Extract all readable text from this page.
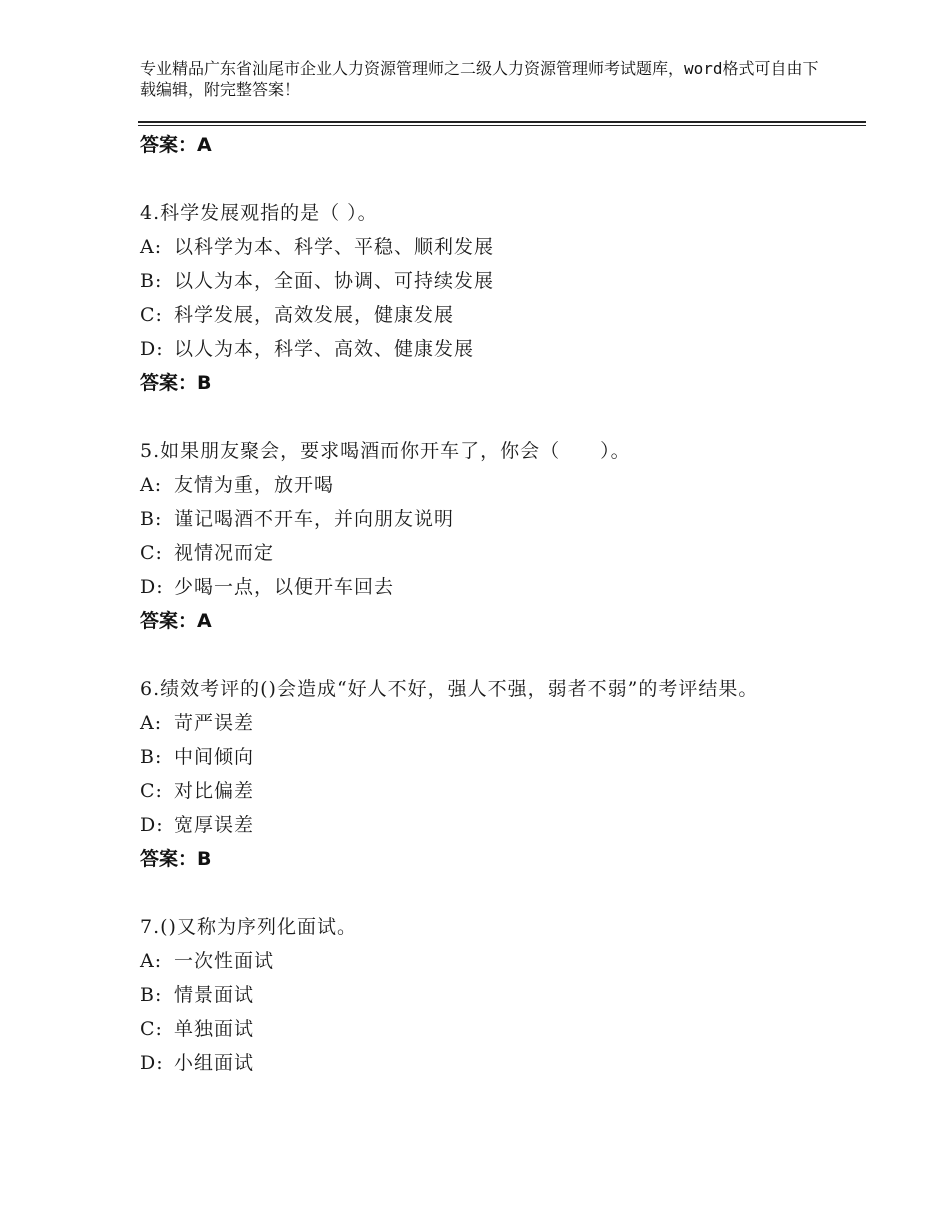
专业精品广东省汕尾市企业人力资源管理师之二级人力资源管理师考试题库，word格式可自由下载编辑，附完整答案！
答案：A
4.科学发展观指的是（ ）。
A: 以科学为本、科学、平稳、顺利发展
B: 以人为本，全面、协调、可持续发展
C: 科学发展，高效发展，健康发展
D: 以人为本，科学、高效、健康发展
答案：B
5.如果朋友聚会，要求喝酒而你开车了，你会（　　）。
A: 友情为重，放开喝
B: 谨记喝酒不开车，并向朋友说明
C: 视情况而定
D: 少喝一点，以便开车回去
答案：A
6.绩效考评的()会造成“好人不好，强人不强，弱者不弱”的考评结果。
A: 苛严误差
B: 中间倾向
C: 对比偏差
D: 宽厚误差
答案：B
7.()又称为序列化面试。
A: 一次性面试
B: 情景面试
C: 单独面试
D: 小组面试
